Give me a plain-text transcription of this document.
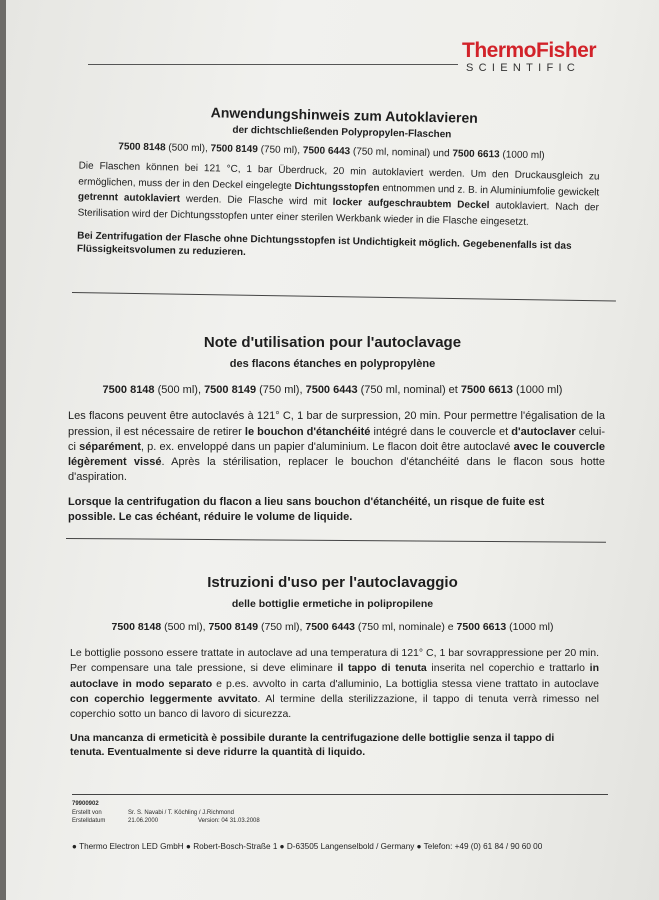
ThermoFisher
SCIENTIFIC
Anwendungshinweis zum Autoklavieren
der dichtschließenden Polypropylen-Flaschen
7500 8148 (500 ml), 7500 8149 (750 ml), 7500 6443 (750 ml, nominal) und 7500 6613 (1000 ml)
Die Flaschen können bei 121 °C, 1 bar Überdruck, 20 min autoklaviert werden. Um den Druckausgleich zu ermöglichen, muss der in den Deckel eingelegte Dichtungsstopfen entnommen und z. B. in Aluminiumfolie gewickelt getrennt autoklaviert werden. Die Flasche wird mit locker aufgeschraubtem Deckel autoklaviert. Nach der Sterilisation wird der Dichtungsstopfen unter einer sterilen Werkbank wieder in die Flasche eingesetzt.
Bei Zentrifugation der Flasche ohne Dichtungsstopfen ist Undichtigkeit möglich. Gegebenenfalls ist das Flüssigkeitsvolumen zu reduzieren.
Note d'utilisation pour l'autoclavage
des flacons étanches en polypropylène
7500 8148 (500 ml), 7500 8149 (750 ml), 7500 6443 (750 ml, nominal) et 7500 6613 (1000 ml)
Les flacons peuvent être autoclavés à 121° C, 1 bar de surpression, 20 min. Pour permettre l'égalisation de la pression, il est nécessaire de retirer le bouchon d'étanchéité intégré dans le couvercle et d'autoclaver celui-ci séparément, p. ex. enveloppé dans un papier d'aluminium. Le flacon doit être autoclavé avec le couvercle légèrement vissé. Après la stérilisation, replacer le bouchon d'étanchéité dans le flacon sous hotte d'aspiration.
Lorsque la centrifugation du flacon a lieu sans bouchon d'étanchéité, un risque de fuite est possible. Le cas échéant, réduire le volume de liquide.
Istruzioni d'uso per l'autoclavaggio
delle bottiglie ermetiche in polipropilene
7500 8148 (500 ml), 7500 8149 (750 ml), 7500 6443 (750 ml, nominale) e 7500 6613 (1000 ml)
Le bottiglie possono essere trattate in autoclave ad una temperatura di 121° C, 1 bar sovrappressione per 20 min. Per compensare una tale pressione, si deve eliminare il tappo di tenuta inserita nel coperchio e trattarlo in autoclave in modo separato e p.es. avvolto in carta d'alluminio, La bottiglia stessa viene trattato in autoclave con coperchio leggermente avvitato. Al termine della sterilizzazione, il tappo di tenuta verrà rimesso nel coperchio sotto un banco di lavoro di sicurezza.
Una mancanza di ermeticità è possibile durante la centrifugazione delle bottiglie senza il tappo di tenuta. Eventualmente si deve ridurre la quantità di liquido.
79900902
Erstellt von	Sr. S. Navabi / T. Köchling / J.Richmond
Erstelldatum	21.06.2000	Version: 04 31.03.2008
● Thermo Electron LED GmbH ● Robert-Bosch-Straße 1 ● D-63505 Langenselbold / Germany ● Telefon: +49 (0) 61 84 / 90 60 00
